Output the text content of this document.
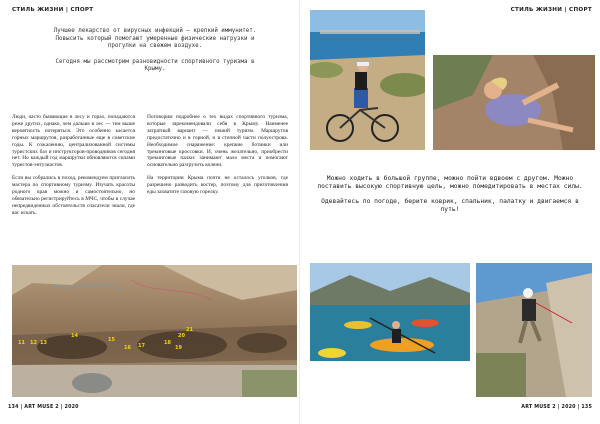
СТИЛЬ ЖИЗНИ | СПОРТ

Лучшее лекарство от вирусных инфекций — крепкий иммунитет. Повысить который помогают умеренные физические нагрузки и прогулки на свежем воздухе.

Сегодня мы рассмотрим разновидности спортивного туризма в Крыму.

Люди, часто бывающие в лесу и горах, попадаются реже других, однако, чем дальше в лес — тем выше вероятность потеряться. Это особенно касается горных маршрутов, разработанные еще в советские годы. К сожалению, централизованной системы туристских баз и инструкторов-проводников сегодня нет. Но каждый год маршрутки обновляются силами туристов-энтузиастов.

Если вы собрались в поход, рекомендуем пригласить мастера по спортивному туризму. Изучать красоты родного края можно и самостоятельно, но обязательно регистрируйтесь в МЧС, чтобы в случае непредвиденных обстоятельств спасатели знали, где вас искать.

Поговорим подробнее о тех видах спортивного туризма, которые зарекомендовали себя в Крыму. Наименее затратный вариант — пеший туризм. Маршрутов предостаточно и в горной, и в степной части полуострова. Необходимое снаряжение: крепкие ботинки или трекинговые кроссовки. И, очень желательно, приобрести трекинговые палки: занимают мало места и помогают основательно разгрузить колени.

На территории Крыма почти не осталось уголков, где разрешено разводить костер, поэтому для приготовления еды захватите газовую горелку.

11 12 13
14
15
16 17	18
19
20
21
134 | ART MUSE 2 | 2020
СТИЛЬ ЖИЗНИ | СПОРТ

Можно ходить в большой группе, можно пойти вдвоем с другом. Можно поставить высокую спортивную цель, можно помедитировать в местах силы.

Одевайтесь по погоде, берите коврик, спальник, палатку и двигаемся в путь!

ART MUSE 2 | 2020 | 135
